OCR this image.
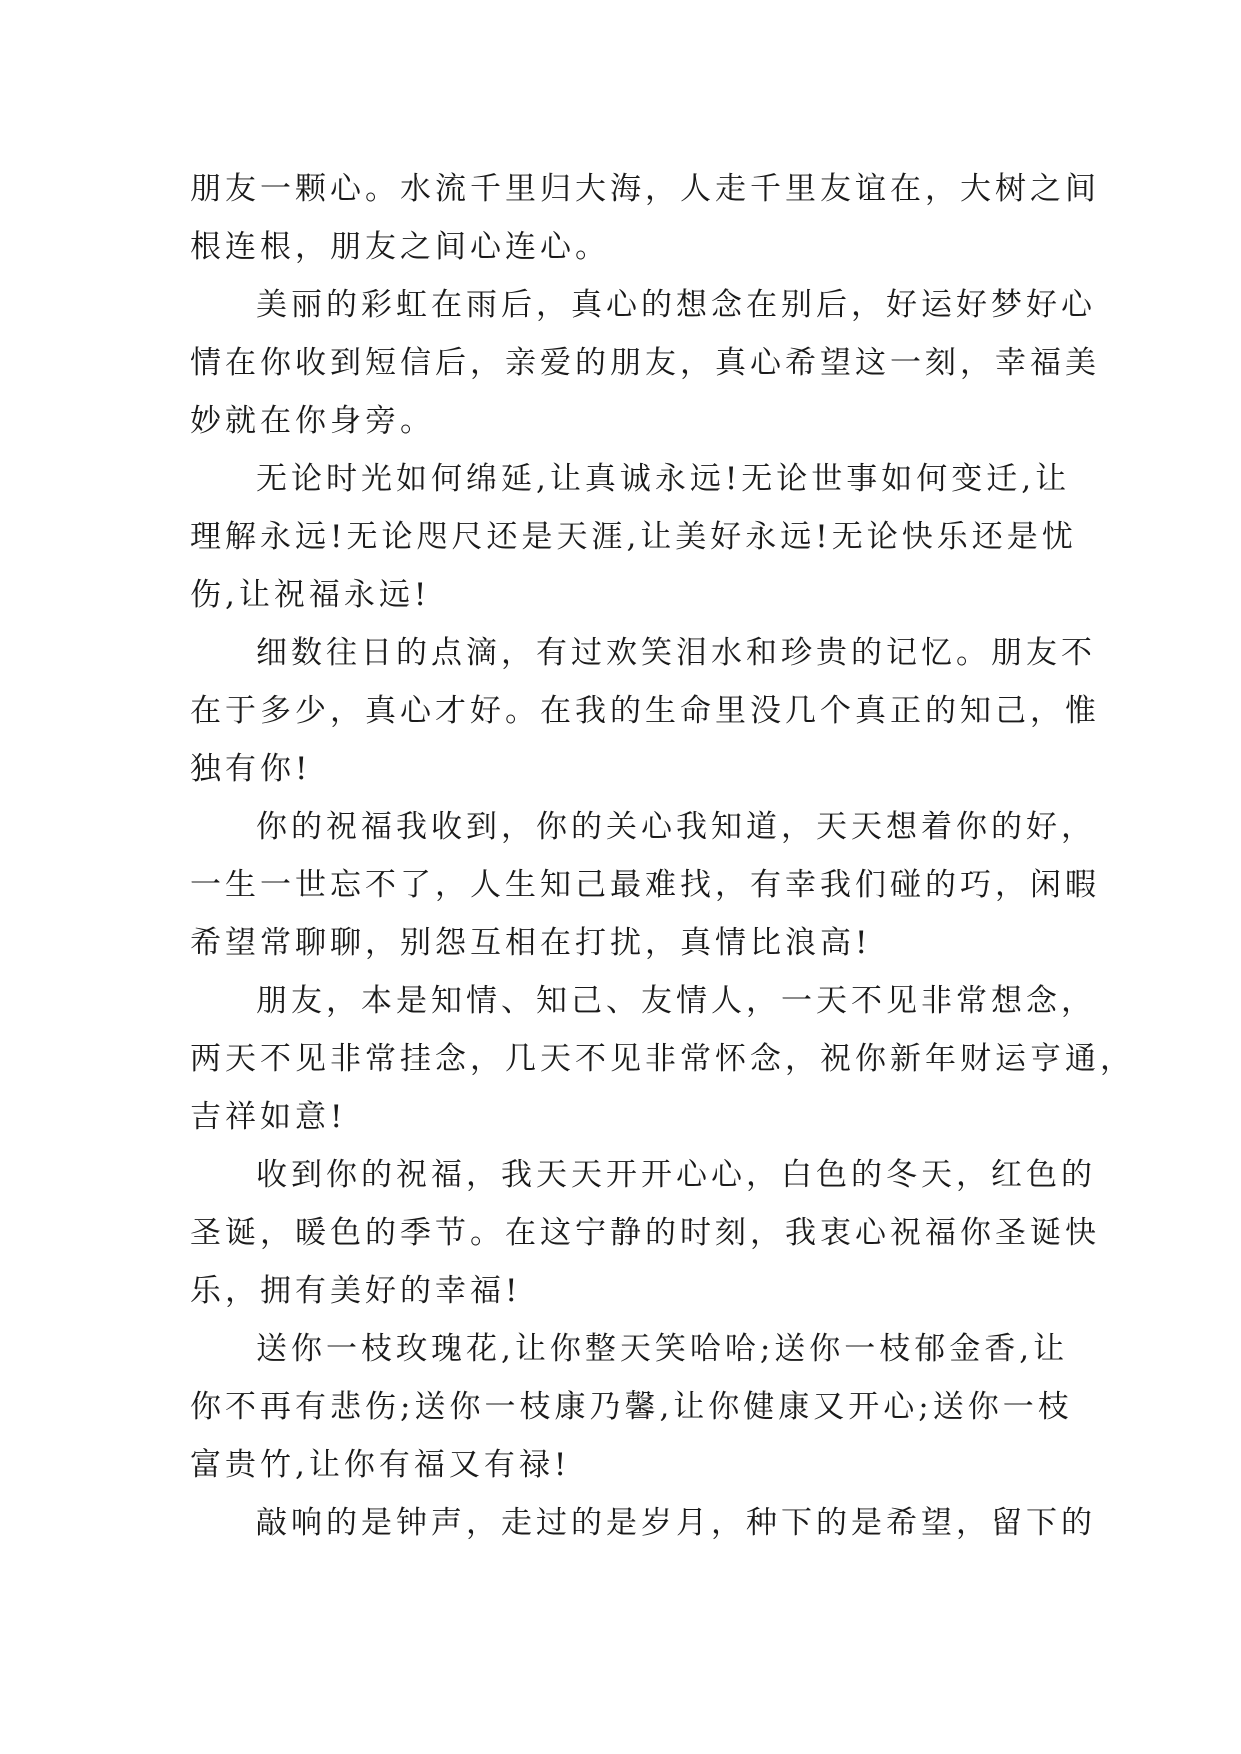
朋友一颗心。水流千里归大海，人走千里友谊在，大树之间
根连根，朋友之间心连心。

美丽的彩虹在雨后，真心的想念在别后，好运好梦好心
情在你收到短信后，亲爱的朋友，真心希望这一刻，幸福美
妙就在你身旁。

无论时光如何绵延,让真诚永远!无论世事如何变迁,让
理解永远!无论咫尺还是天涯,让美好永远!无论快乐还是忧
伤,让祝福永远!

细数往日的点滴，有过欢笑泪水和珍贵的记忆。朋友不
在于多少，真心才好。在我的生命里没几个真正的知己，惟
独有你!

你的祝福我收到，你的关心我知道，天天想着你的好，
一生一世忘不了，人生知己最难找，有幸我们碰的巧，闲暇
希望常聊聊，别怨互相在打扰，真情比浪高!

朋友，本是知情、知己、友情人，一天不见非常想念，
两天不见非常挂念，几天不见非常怀念，祝你新年财运亨通，
吉祥如意!

收到你的祝福，我天天开开心心，白色的冬天，红色的
圣诞，暖色的季节。在这宁静的时刻，我衷心祝福你圣诞快
乐，拥有美好的幸福!

送你一枝玫瑰花,让你整天笑哈哈;送你一枝郁金香,让
你不再有悲伤;送你一枝康乃馨,让你健康又开心;送你一枝
富贵竹,让你有福又有禄!

敲响的是钟声，走过的是岁月，种下的是希望，留下的
